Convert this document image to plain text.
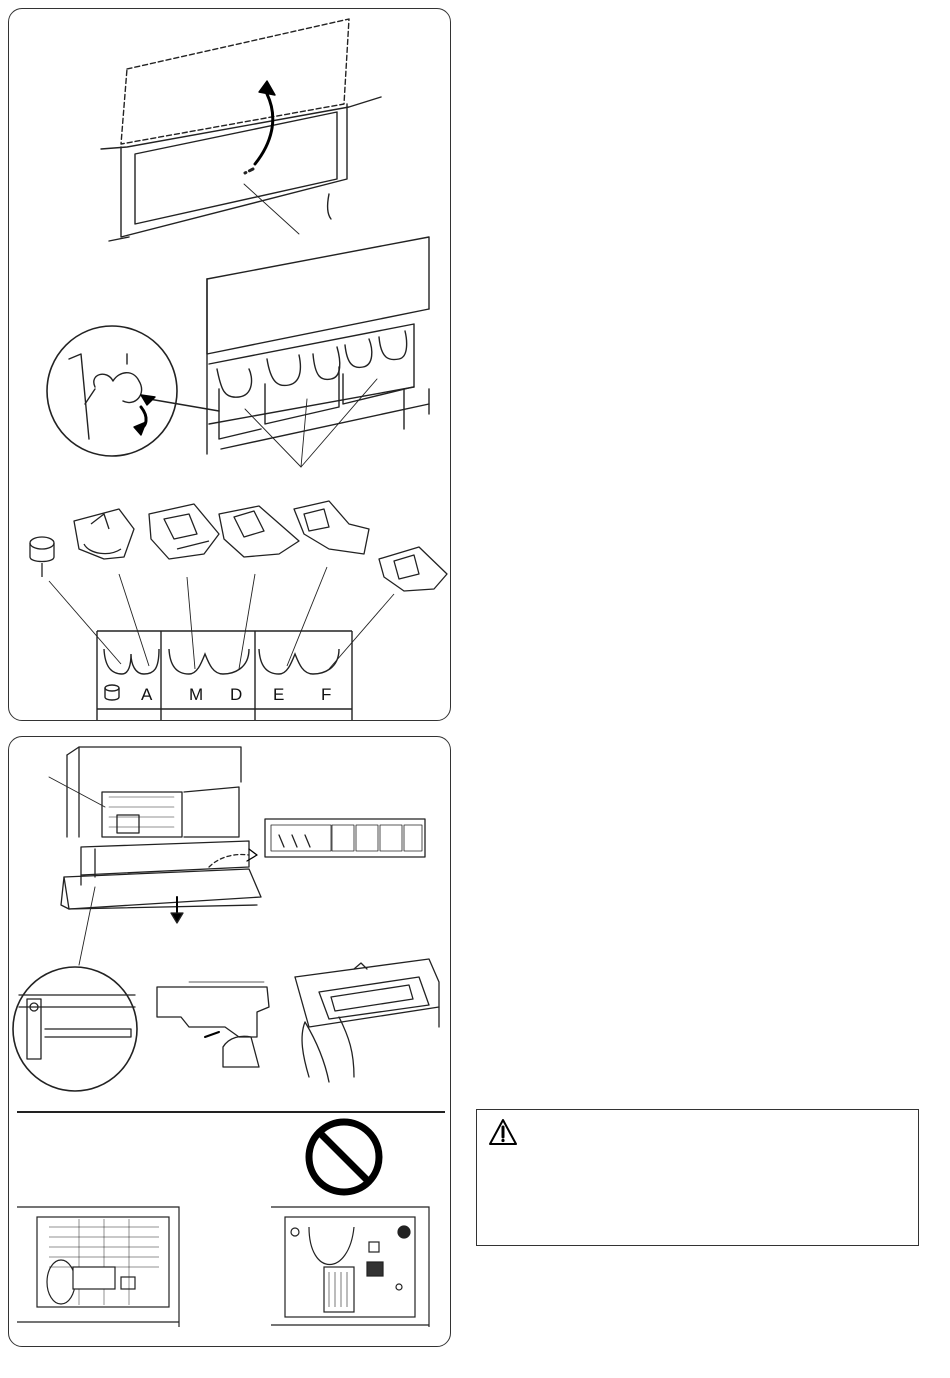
A M D E F
